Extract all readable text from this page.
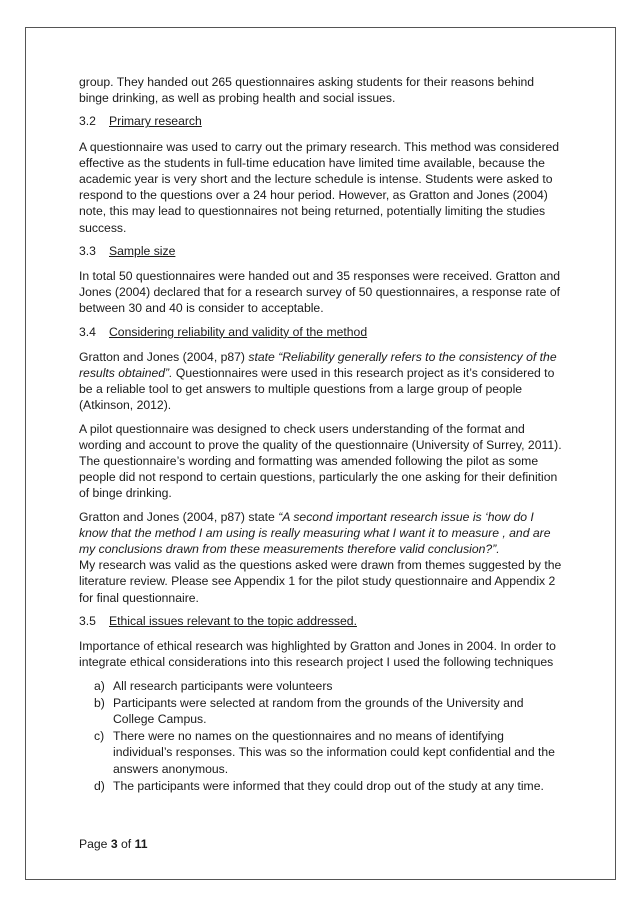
group. They handed out 265 questionnaires asking students for their reasons behind binge drinking, as well as probing health and social issues.

3.2	Primary research

A questionnaire was used to carry out the primary research. This method was considered effective as the students in full-time education have limited time available, because the academic year is very short and the lecture schedule is intense. Students were asked to respond to the questions over a 24 hour period. However, as Gratton and Jones (2004) note, this may lead to questionnaires not being returned, potentially limiting the studies success.

3.3	Sample size

In total 50 questionnaires were handed out and 35 responses were received. Gratton and Jones (2004) declared that for a research survey of 50 questionnaires, a response rate of between 30 and 40 is consider to acceptable.

3.4	Considering reliability and validity of the method

Gratton and Jones (2004, p87) state “Reliability generally refers to the consistency of the results obtained”. Questionnaires were used in this research project as it’s considered to be a reliable tool to get answers to multiple questions from a large group of people (Atkinson, 2012).

A pilot questionnaire was designed to check users understanding of the format and wording and account to prove the quality of the questionnaire (University of Surrey, 2011). The questionnaire’s wording and formatting was amended following the pilot as some people did not respond to certain questions, particularly the one asking for their definition of binge drinking.

Gratton and Jones (2004, p87) state “A second important research issue is ‘how do I know that the method I am using is really measuring what I want it to measure , and are my conclusions drawn from these measurements therefore valid conclusion?”.

My research was valid as the questions asked were drawn from themes suggested by the literature review. Please see Appendix 1 for the pilot study questionnaire and Appendix 2 for final questionnaire.

3.5	Ethical issues relevant to the topic addressed.

Importance of ethical research was highlighted by Gratton and Jones in 2004. In order to integrate ethical considerations into this research project I used the following techniques

a) All research participants were volunteers
b) Participants were selected at random from the grounds of the University and College Campus.
c) There were no names on the questionnaires and no means of identifying individual’s responses. This was so the information could kept confidential and the answers anonymous.
d) The participants were informed that they could drop out of the study at any time.
Page 3 of 11
